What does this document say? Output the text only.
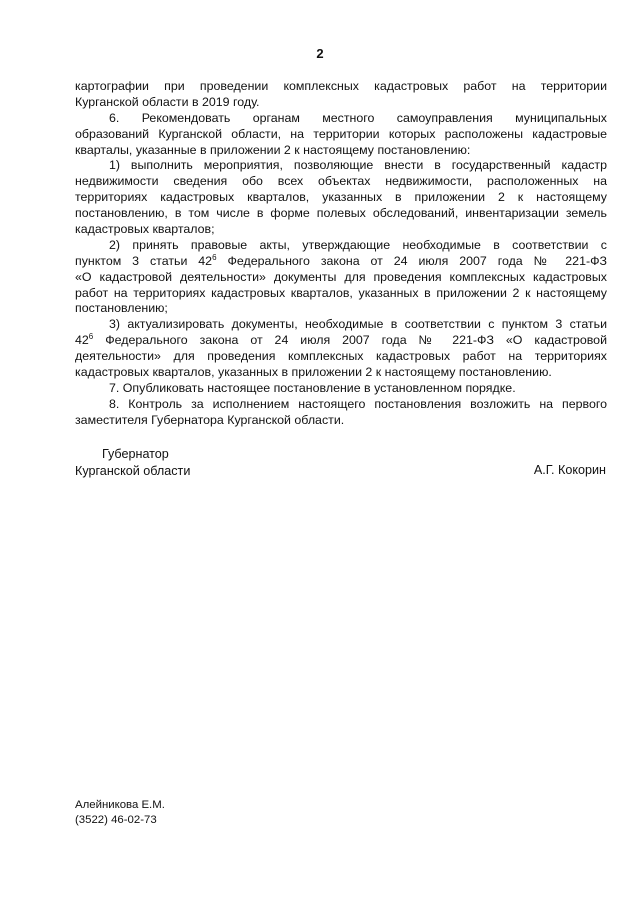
2
картографии при проведении комплексных кадастровых работ на территории
Курганской области в 2019 году.
6. Рекомендовать органам местного самоуправления муниципальных
образований Курганской области, на территории которых расположены кадастровые
кварталы, указанные в приложении 2 к настоящему постановлению:
1) выполнить мероприятия, позволяющие внести в государственный кадастр
недвижимости сведения обо всех объектах недвижимости, расположенных на
территориях кадастровых кварталов, указанных в приложении 2 к настоящему
постановлению, в том числе в форме полевых обследований, инвентаризации земель
кадастровых кварталов;
2) принять правовые акты, утверждающие необходимые в соответствии с
пунктом 3 статьи $42^6$ Федерального закона от 24 июля 2007 года № 221-ФЗ
«О кадастровой деятельности» документы для проведения комплексных кадастровых
работ на территориях кадастровых кварталов, указанных в приложении 2 к настоящему
постановлению;
3) актуализировать документы, необходимые в соответствии с пунктом 3 статьи
$42^6$ Федерального закона от 24 июля 2007 года № 221-ФЗ «О кадастровой
деятельности» для проведения комплексных кадастровых работ на территориях
кадастровых кварталов, указанных в приложении 2 к настоящему постановлению.
7. Опубликовать настоящее постановление в установленном порядке.
8. Контроль за исполнением настоящего постановления возложить на первого
заместителя Губернатора Курганской области.
Губернатор
Курганской области	А.Г. Кокорин
Алейникова Е.М.
(3522) 46-02-73
